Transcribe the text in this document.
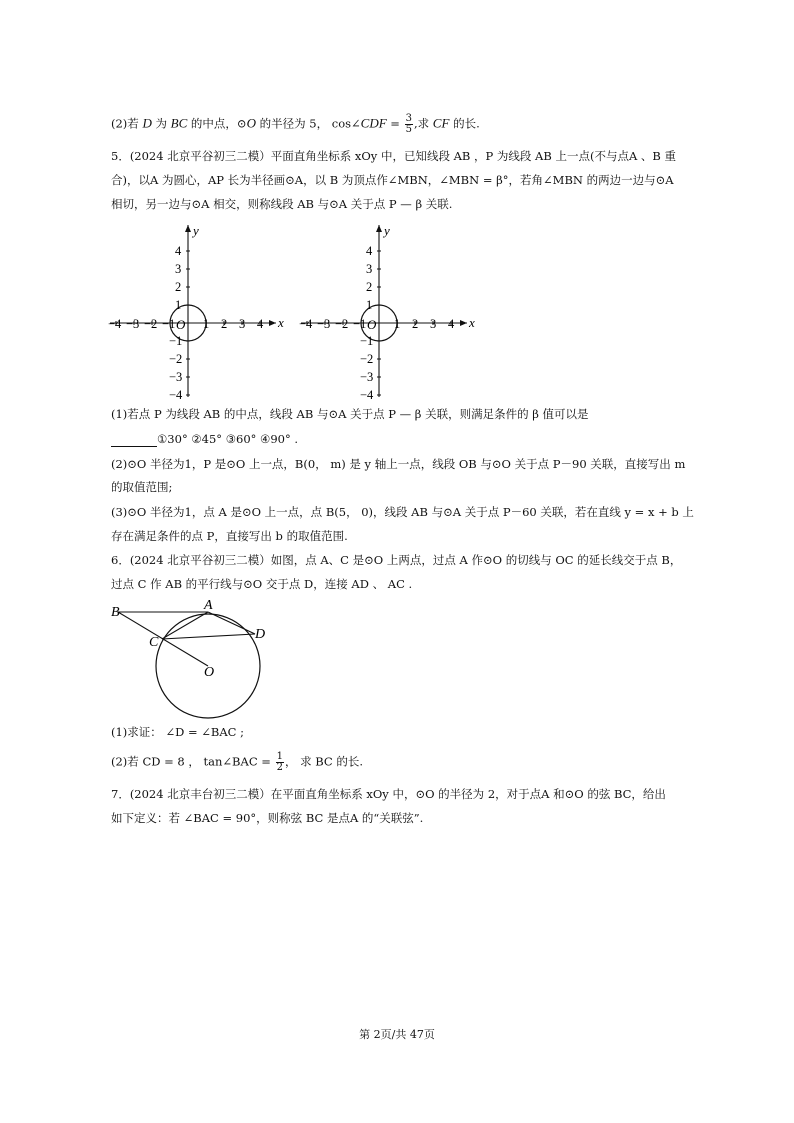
(2)若 D 为 BC 的中点，⊙O 的半径为 5， cos∠CDF = $\frac{3}{5}$ ,求 CF 的长.
5．(2024 北京平谷初三二模）平面直角坐标系 xOy 中，已知线段 AB ，P 为线段 AB 上一点(不与点A 、B 重
合)，以A 为圆心，AP 长为半径画⊙A，以 B 为顶点作∠MBN，∠MBN = β°，若角∠MBN 的两边一边与⊙A
相切，另一边与⊙A 相交，则称线段 AB 与⊙A 关于点 P — β 关联.
x
y
O
−4 −3 −2 −1 1 2 3 4
4
3
2
1
−1
−2
−3
−4
x
y
O
−4 −3 −2 −1 1 2 3 4
4
3
2
1
−1
−2
−3
−4
(1)若点 P 为线段 AB 的中点，线段 AB 与⊙A 关于点 P — β 关联，则满足条件的 β 值可以是
①30° ②45° ③60° ④90° .
(2)⊙O 半径为1，P 是⊙O 上一点，B(0， m) 是 y 轴上一点，线段 OB 与⊙O 关于点 P－90 关联，直接写出 m
的取值范围;
(3)⊙O 半径为1，点 A 是⊙O 上一点，点 B(5， 0)，线段 AB 与⊙A 关于点 P－60 关联，若在直线 y = x + b 上
存在满足条件的点 P，直接写出 b 的取值范围.
6．(2024 北京平谷初三二模）如图，点 A、C 是⊙O 上两点，过点 A 作⊙O 的切线与 OC 的延长线交于点 B，
过点 C 作 AB 的平行线与⊙O 交于点 D，连接 AD 、 AC .
B	A
C
D
O
(1)求证： ∠D = ∠BAC ;
(2)若 CD = 8 ， tan∠BAC = $\frac{1}{2}$ ， 求 BC 的长.
7．(2024 北京丰台初三二模）在平面直角坐标系 xOy 中，⊙O 的半径为 2，对于点A 和⊙O 的弦 BC，给出
如下定义：若 ∠BAC = 90°，则称弦 BC 是点A 的“关联弦”.
第 2页/共 47页
